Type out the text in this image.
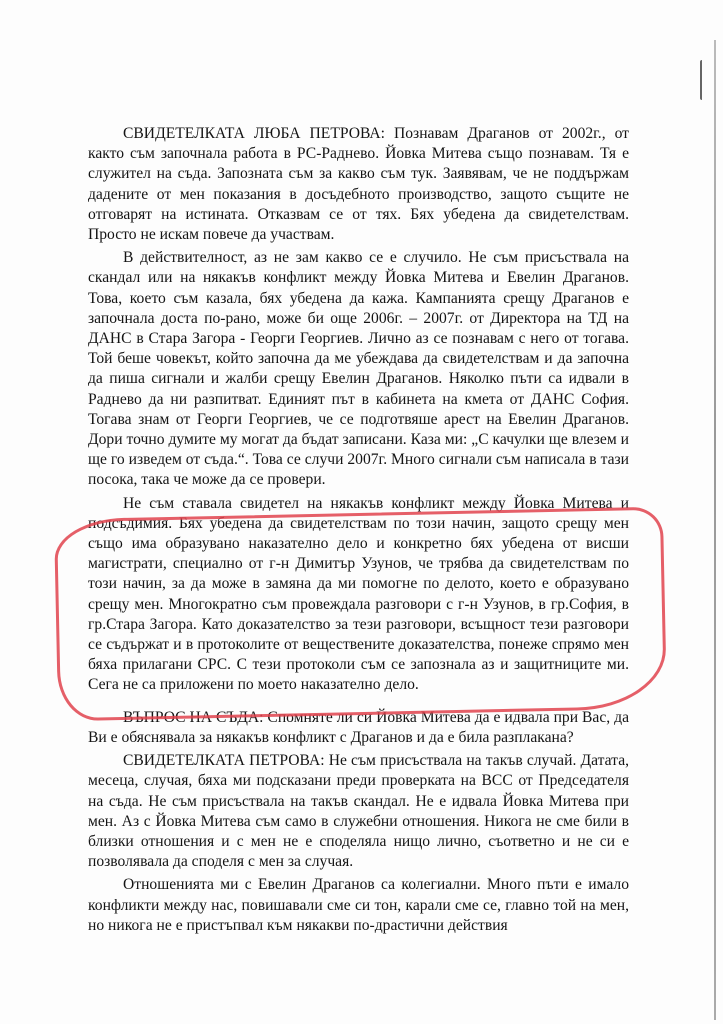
СВИДЕТЕЛКАТА ЛЮБА ПЕТРОВА: Познавам Драганов от 2002г., от както съм започнала работа в РС-Раднево. Йовка Митева също познавам. Тя е служител на съда. Запозната съм за какво съм тук. Заявявам, че не поддържам дадените от мен показания в досъдебното производство, защото същите не отговарят на истината. Отказвам се от тях. Бях убедена да свидетелствам. Просто не искам повече да участвам.

В действителност, аз не зам какво се е случило. Не съм присъствала на скандал или на някакъв конфликт между Йовка Митева и Евелин Драганов. Това, което съм казала, бях убедена да кажа. Кампанията срещу Драганов е започнала доста по-рано, може би още 2006г. – 2007г. от Директора на ТД на ДАНС в Стара Загора - Георги Георгиев. Лично аз се познавам с него от тогава. Той беше човекът, който започна да ме убеждава да свидетелствам и да започна да пиша сигнали и жалби срещу Евелин Драганов. Няколко пъти са идвали в Раднево да ни разпитват. Единият път в кабинета на кмета от ДАНС София. Тогава знам от Георги Георгиев, че се подготвяше арест на Евелин Драганов. Дори точно думите му могат да бъдат записани. Каза ми: „С качулки ще влезем и ще го изведем от съда.“. Това се случи 2007г. Много сигнали съм написала в тази посока, така че може да се провери.

Не съм ставала свидетел на някакъв конфликт между Йовка Митева и подсъдимия. Бях убедена да свидетелствам по този начин, защото срещу мен също има образувано наказателно дело и конкретно бях убедена от висши магистрати, специално от г-н Димитър Узунов, че трябва да свидетелствам по този начин, за да може в замяна да ми помогне по делото, което е образувано срещу мен. Многократно съм провеждала разговори с г-н Узунов, в гр.София, в гр.Стара Загора. Като доказателство за тези разговори, всъщност тези разговори се съдържат и в протоколите от веществените доказателства, понеже спрямо мен бяха прилагани СРС. С тези протоколи съм се запознала аз и защитниците ми. Сега не са приложени по моето наказателно дело.

ВЪПРОС НА СЪДА: Спомняте ли си Йовка Митева да е идвала при Вас, да Ви е обяснявала за някакъв конфликт с Драганов и да е била разплакана?

СВИДЕТЕЛКАТА ПЕТРОВА: Не съм присъствала на такъв случай. Датата, месеца, случая, бяха ми подсказани преди проверката на ВСС от Председателя на съда. Не съм присъствала на такъв скандал. Не е идвала Йовка Митева при мен. Аз с Йовка Митева съм само в служебни отношения. Никога не сме били в близки отношения и с мен не е споделяла нищо лично, съответно и не си е позволявала да споделя с мен за случая.

Отношенията ми с Евелин Драганов са колегиални. Много пъти е имало конфликти между нас, повишавали сме си тон, карали сме се, главно той на мен, но никога не е пристъпвал към някакви по-драстични действия
